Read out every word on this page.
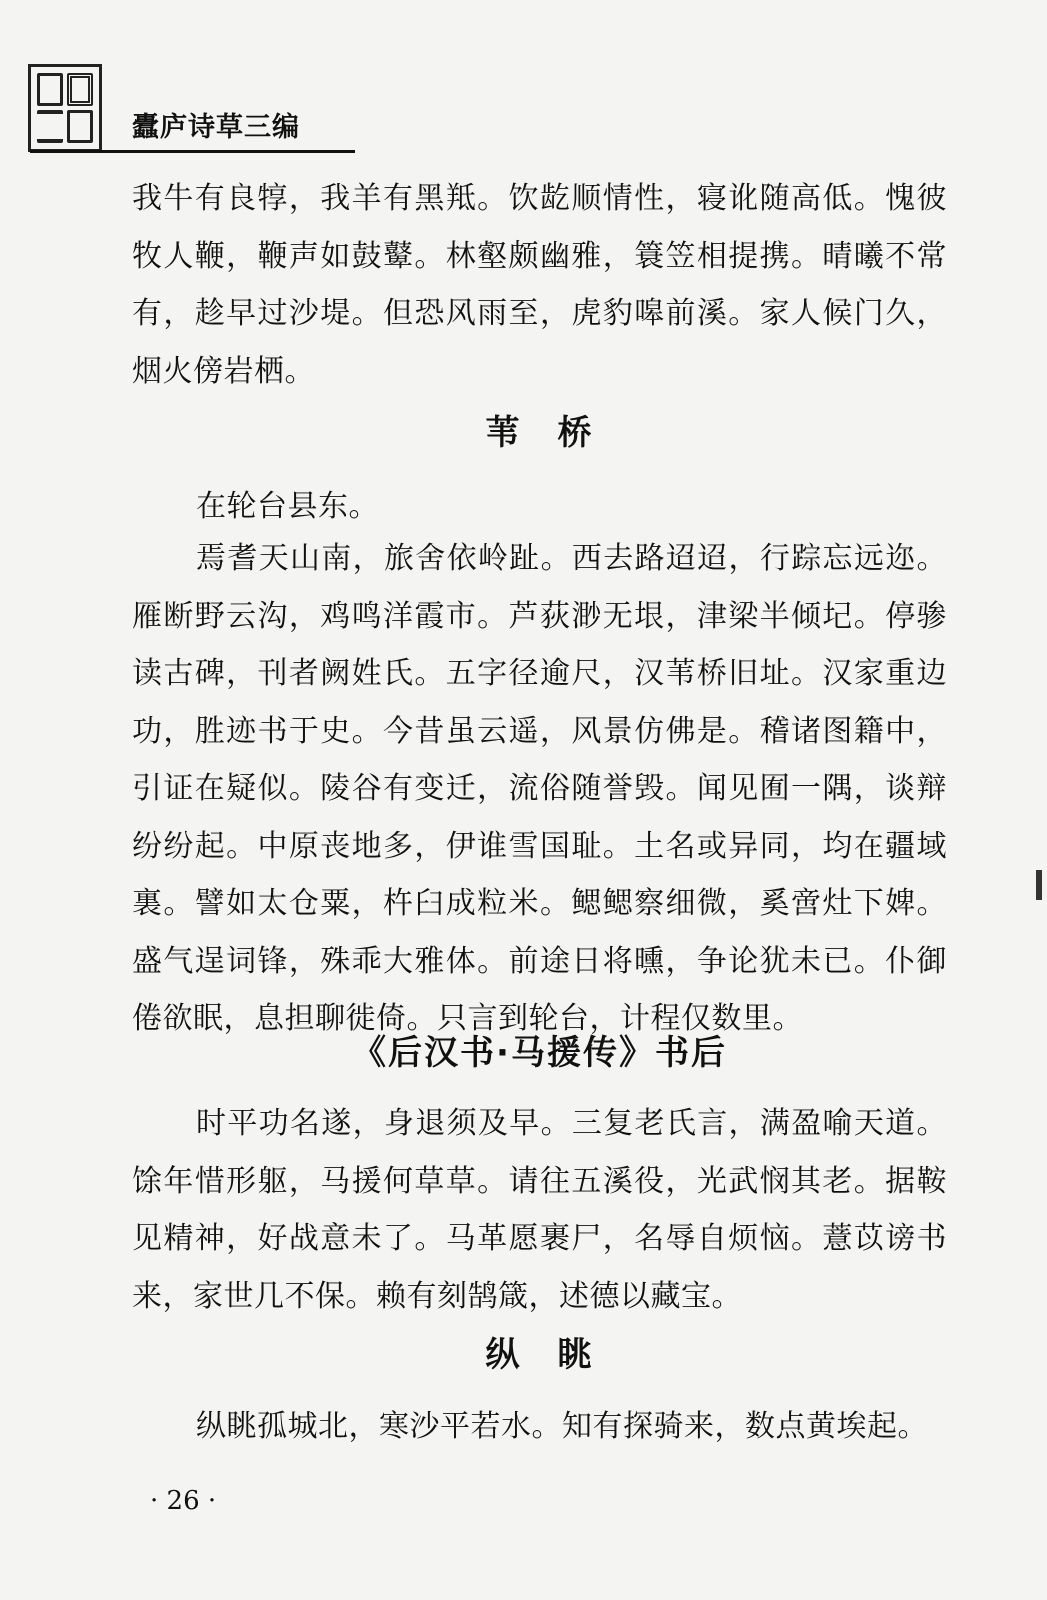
蠹庐诗草三编
我牛有良犉，我羊有黑羝。饮龁顺情性，寝讹随高低。愧彼牧人鞭，鞭声如鼓鼙。林壑颇幽雅，簑笠相提携。晴曦不常有，趁早过沙堤。但恐风雨至，虎豹嗥前溪。家人候门久，烟火傍岩栖。
苇　桥
在轮台县东。
焉耆天山南，旅舍依岭趾。西去路迢迢，行踪忘远迩。雁断野云沟，鸡鸣洋霞市。芦荻渺无垠，津梁半倾圮。停骖读古碑，刊者阙姓氏。五字径逾尺，汉苇桥旧址。汉家重边功，胜迹书于史。今昔虽云遥，风景仿佛是。稽诸图籍中，引证在疑似。陵谷有变迁，流俗随誉毁。闻见囿一隅，谈辩纷纷起。中原丧地多，伊谁雪国耻。土名或异同，均在疆域裏。譬如太仓粟，杵臼成粒米。鳃鳃察细微，奚啻灶下婢。盛气逞词锋，殊乖大雅体。前途日将曛，争论犹未已。仆御倦欲眠，息担聊徙倚。只言到轮台，计程仅数里。
《后汉书·马援传》书后
时平功名遂，身退须及早。三复老氏言，满盈喻天道。馀年惜形躯，马援何草草。请往五溪役，光武悯其老。据鞍见精神，好战意未了。马革愿裹尸，名辱自烦恼。薏苡谤书来，家世几不保。赖有刻鹄箴，述德以藏宝。
纵　眺
纵眺孤城北，寒沙平若水。知有探骑来，数点黄埃起。
· 26 ·
